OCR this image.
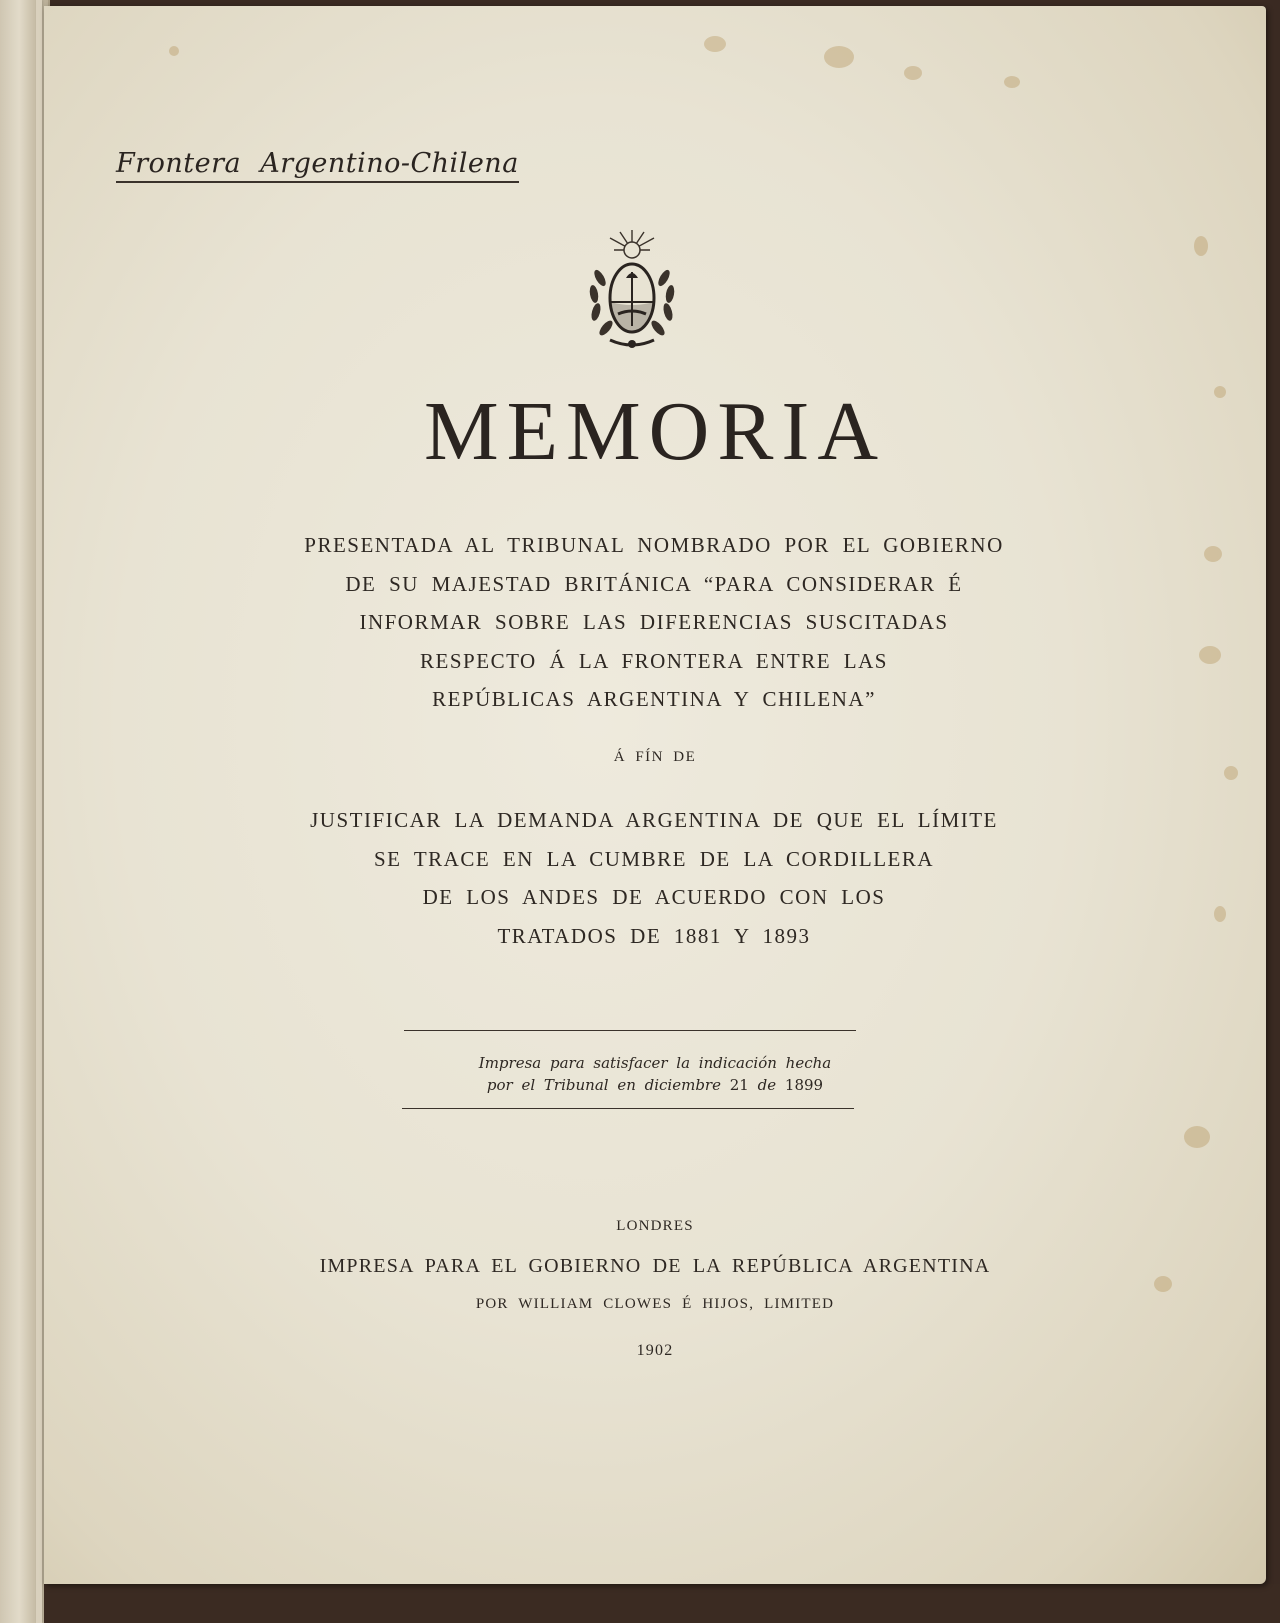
Frontera Argentino-Chilena
MEMORIA
PRESENTADA AL TRIBUNAL NOMBRADO POR EL GOBIERNO
DE SU MAJESTAD BRITÁNICA “PARA CONSIDERAR É
INFORMAR SOBRE LAS DIFERENCIAS SUSCITADAS
RESPECTO Á LA FRONTERA ENTRE LAS
REPÚBLICAS ARGENTINA Y CHILENA”
Á FÍN DE
JUSTIFICAR LA DEMANDA ARGENTINA DE QUE EL LÍMITE
SE TRACE EN LA CUMBRE DE LA CORDILLERA
DE LOS ANDES DE ACUERDO CON LOS
TRATADOS DE 1881 Y 1893
Impresa para satisfacer la indicación hecha
por el Tribunal en diciembre 21 de 1899
LONDRES
IMPRESA PARA EL GOBIERNO DE LA REPÚBLICA ARGENTINA
POR WILLIAM CLOWES É HIJOS, LIMITED
1902
